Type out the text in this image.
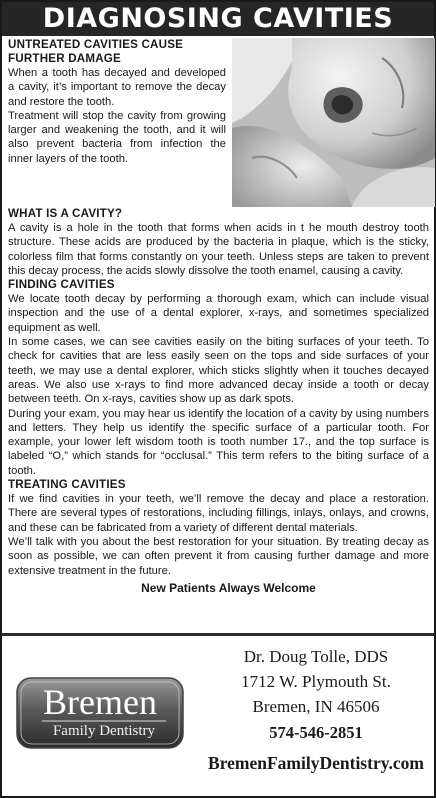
DIAGNOSING CAVITIES
UNTREATED CAVITIES CAUSE
FURTHER DAMAGE

When a tooth has decayed and developed a cavity, it’s important to remove the decay and restore the tooth.

Treatment will stop the cavity from growing larger and weakening the tooth, and it will also prevent bacteria from infection the inner layers of the tooth.

WHAT IS A CAVITY?

A cavity is a hole in the tooth that forms when acids in t he mouth destroy tooth structure. These acids are produced by the bacteria in plaque, which is the sticky, colorless film that forms constantly on your teeth. Unless steps are taken to prevent this decay process, the acids slowly dissolve the tooth enamel, causing a cavity.

FINDING CAVITIES

We locate tooth decay by performing a thorough exam, which can include visual inspection and the use of a dental explorer, x-rays, and sometimes specialized equipment as well.

In some cases, we can see cavities easily on the biting surfaces of your teeth. To check for cavities that are less easily seen on the tops and side surfaces of your teeth, we may use a dental explorer, which sticks slightly when it touches decayed areas. We also use x-rays to find more advanced decay inside a tooth or decay between teeth. On x-rays, cavities show up as dark spots.

During your exam, you may hear us identify the location of a cavity by using numbers and letters. They help us identify the specific surface of a particular tooth. For example, your lower left wisdom tooth is tooth number 17., and the top surface is labeled “O,” which stands for “occlusal.” This term refers to the biting surface of a tooth.

TREATING CAVITIES

If we find cavities in your teeth, we’ll remove the decay and place a restoration. There are several types of restorations, including fillings, inlays, onlays, and crowns, and these can be fabricated from a variety of different dental materials.

We’ll talk with you about the best restoration for your situation. By treating decay as soon as possible, we can often prevent it from causing further damage and more extensive treatment in the future.

New Patients Always Welcome
Bremen
Family Dentistry
Dr. Doug Tolle, DDS
1712 W. Plymouth St.
Bremen, IN 46506
574-546-2851
BremenFamilyDentistry.com
